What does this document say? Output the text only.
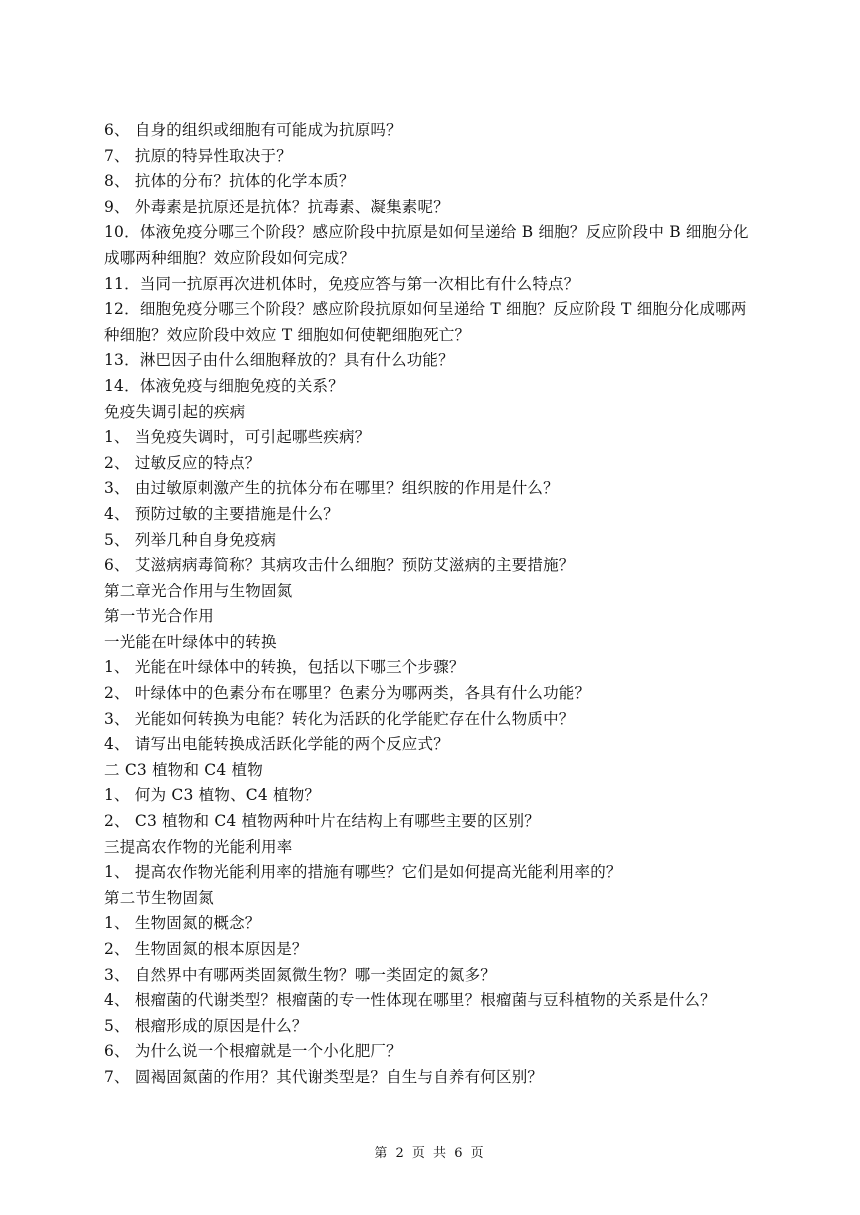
6、 自身的组织或细胞有可能成为抗原吗？
7、 抗原的特异性取决于？
8、 抗体的分布？抗体的化学本质？
9、 外毒素是抗原还是抗体？抗毒素、凝集素呢？
10．体液免疫分哪三个阶段？感应阶段中抗原是如何呈递给 B 细胞？反应阶段中 B 细胞分化
成哪两种细胞？效应阶段如何完成？
11．当同一抗原再次进机体时，免疫应答与第一次相比有什么特点？
12．细胞免疫分哪三个阶段？感应阶段抗原如何呈递给 T 细胞？反应阶段 T 细胞分化成哪两
种细胞？效应阶段中效应 T 细胞如何使靶细胞死亡？
13．淋巴因子由什么细胞释放的？具有什么功能？
14．体液免疫与细胞免疫的关系？
免疫失调引起的疾病
1、 当免疫失调时，可引起哪些疾病？
2、 过敏反应的特点？
3、 由过敏原刺激产生的抗体分布在哪里？组织胺的作用是什么？
4、 预防过敏的主要措施是什么？
5、 列举几种自身免疫病
6、 艾滋病病毒简称？其病攻击什么细胞？预防艾滋病的主要措施？
第二章光合作用与生物固氮
第一节光合作用
一光能在叶绿体中的转换
1、 光能在叶绿体中的转换，包括以下哪三个步骤？
2、 叶绿体中的色素分布在哪里？色素分为哪两类，各具有什么功能？
3、 光能如何转换为电能？转化为活跃的化学能贮存在什么物质中？
4、 请写出电能转换成活跃化学能的两个反应式？
二 C3 植物和 C4 植物
1、 何为 C3 植物、C4 植物？
2、 C3 植物和 C4 植物两种叶片在结构上有哪些主要的区别？
三提高农作物的光能利用率
1、 提高农作物光能利用率的措施有哪些？它们是如何提高光能利用率的？
第二节生物固氮
1、 生物固氮的概念？
2、 生物固氮的根本原因是？
3、 自然界中有哪两类固氮微生物？哪一类固定的氮多？
4、 根瘤菌的代谢类型？根瘤菌的专一性体现在哪里？根瘤菌与豆科植物的关系是什么？
5、 根瘤形成的原因是什么？
6、 为什么说一个根瘤就是一个小化肥厂？
7、 圆褐固氮菌的作用？其代谢类型是？自生与自养有何区别？
第 2 页 共 6 页
